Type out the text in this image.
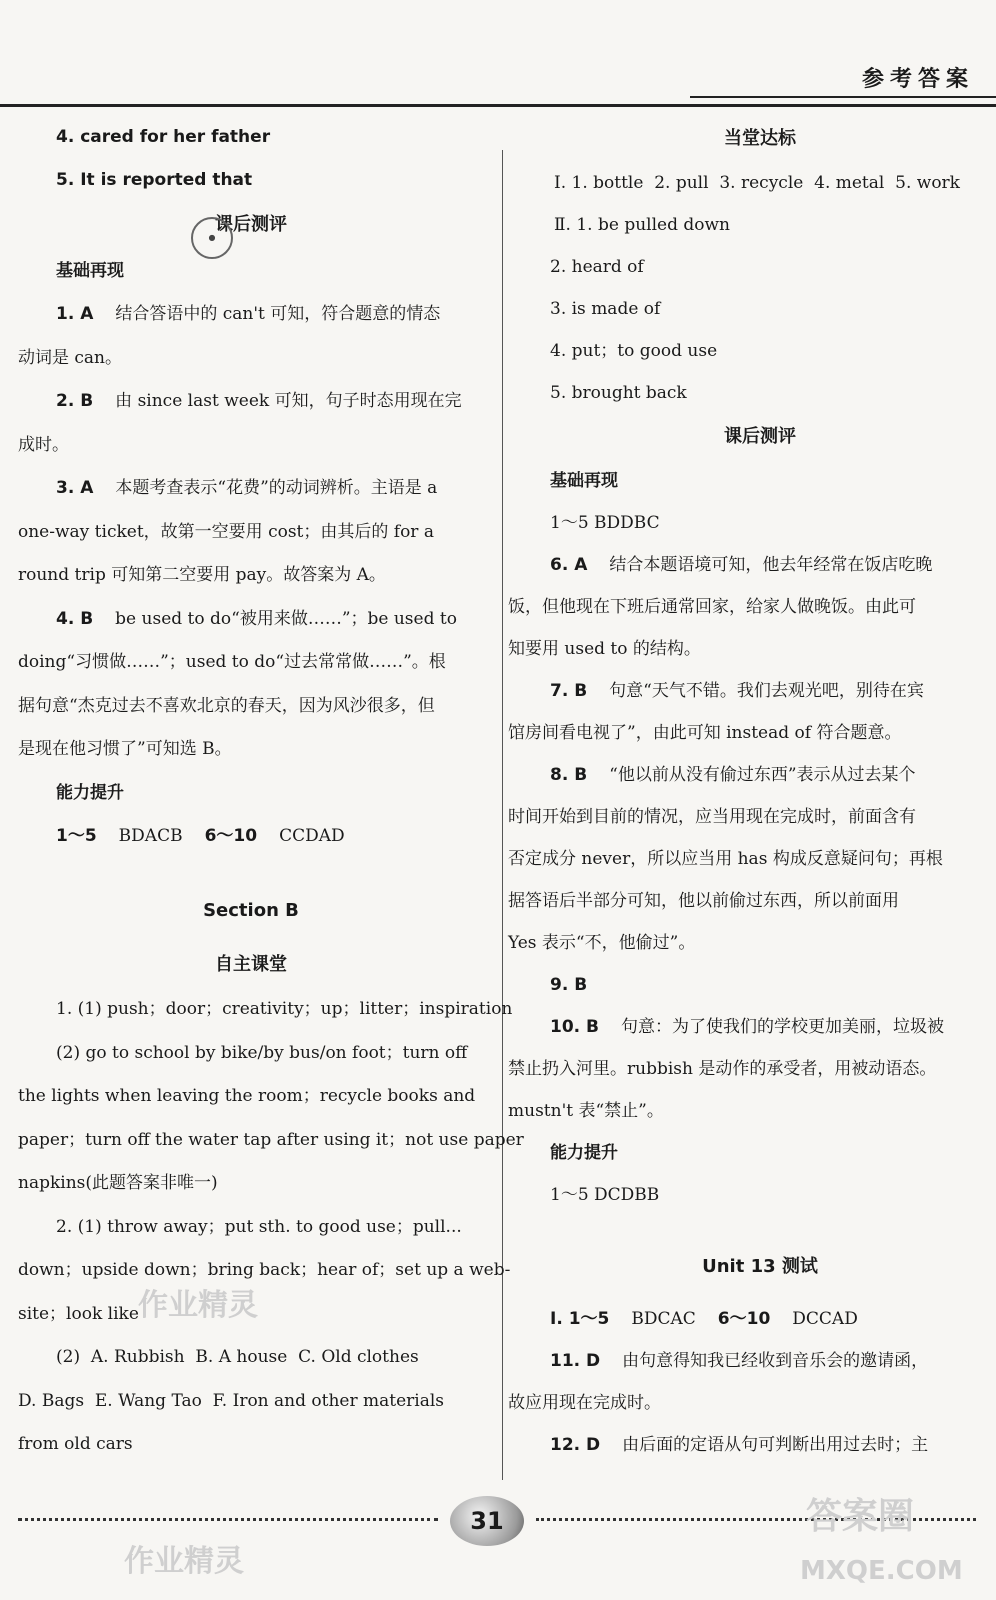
参考答案
4. cared for her father
5. It is reported that
课后测评
基础再现
1. A 结合答语中的 can't 可知，符合题意的情态
动词是 can。
2. B 由 since last week 可知，句子时态用现在完
成时。
3. A 本题考查表示“花费”的动词辨析。主语是 a
one-way ticket，故第一空要用 cost；由其后的 for a
round trip 可知第二空要用 pay。故答案为 A。
4. B be used to do“被用来做……”；be used to
doing“习惯做……”；used to do“过去常常做……”。根
据句意“杰克过去不喜欢北京的春天，因为风沙很多，但
是现在他习惯了”可知选 B。
能力提升
1～5 BDACB 6～10 CCDAD
Section B
自主课堂
1. (1) push；door；creativity；up；litter；inspiration
(2) go to school by bike/by bus/on foot；turn off
the lights when leaving the room；recycle books and
paper；turn off the water tap after using it；not use paper
napkins(此题答案非唯一)
2. (1) throw away；put sth. to good use；pull...
down；upside down；bring back；hear of；set up a web-
site；look like
(2)  A. Rubbish  B. A house  C. Old clothes
D. Bags  E. Wang Tao  F. Iron and other materials
from old cars
●
当堂达标
Ⅰ. 1. bottle  2. pull  3. recycle  4. metal  5. work
Ⅱ. 1. be pulled down
2. heard of
3. is made of
4. put；to good use
5. brought back
课后测评
基础再现
1～5 BDDBC
6. A 结合本题语境可知，他去年经常在饭店吃晚
饭，但他现在下班后通常回家，给家人做晚饭。由此可
知要用 used to 的结构。
7. B 句意“天气不错。我们去观光吧，别待在宾
馆房间看电视了”，由此可知 instead of 符合题意。
8. B “他以前从没有偷过东西”表示从过去某个
时间开始到目前的情况，应当用现在完成时，前面含有
否定成分 never，所以应当用 has 构成反意疑问句；再根
据答语后半部分可知，他以前偷过东西，所以前面用
Yes 表示“不，他偷过”。
9. B
10. B 句意：为了使我们的学校更加美丽，垃圾被
禁止扔入河里。rubbish 是动作的承受者，用被动语态。
mustn't 表“禁止”。
能力提升
1～5 DCDBB
Unit 13 测试
Ⅰ. 1～5 BDCAC 6～10 DCCAD
11. D 由句意得知我已经收到音乐会的邀请函，
故应用现在完成时。
12. D 由后面的定语从句可判断出用过去时；主
31
作业精灵
作业精灵
答案圈
MXQE.COM
